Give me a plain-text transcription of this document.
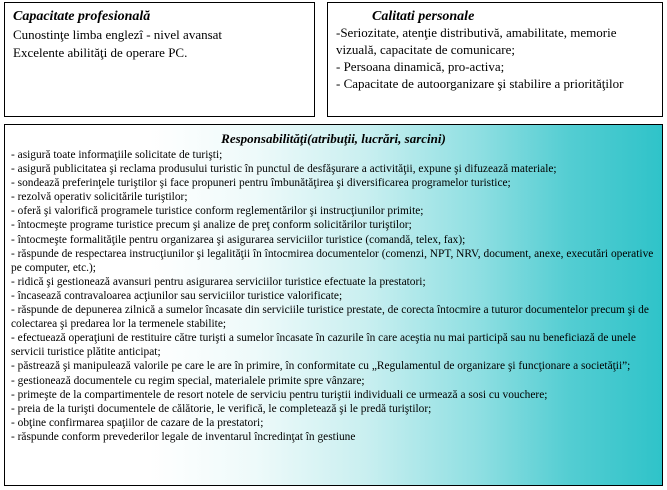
Capacitate profesională
Cunostinţe limba englezî - nivel avansat
Excelente abilităţi de operare PC.
Calitati personale
-Seriozitate, atenţie distributivă, amabilitate, memorie vizuală, capacitate de comunicare;
- Persoana dinamică, pro-activa;
- Capacitate de autoorganizare şi stabilire a priorităţilor
Responsabilităţi(atribuţii, lucrări, sarcini)
- asigură toate informaţiile solicitate de turişti;
- asigură publicitatea şi reclama produsului turistic în punctul de desfăşurare a activităţii, expune şi difuzează materiale;
- sondează preferinţele turiştilor şi face propuneri pentru îmbunătăţirea şi diversificarea programelor turistice;
- rezolvă operativ solicitările turiştilor;
- oferă şi valorifică programele turistice conform reglementărilor şi instrucţiunilor primite;
- întocmeşte programe turistice precum şi analize de preţ conform solicitărilor turiştilor;
- întocmeşte formalităţile pentru organizarea şi asigurarea serviciilor turistice (comandă, telex, fax);
- răspunde de respectarea instrucţiunilor şi legalităţii în întocmirea documentelor (comenzi, NPT, NRV, document, anexe, executări operative pe computer, etc.);
- ridică şi gestionează avansuri pentru asigurarea serviciilor turistice efectuate la prestatori;
- încasează contravaloarea acţiunilor sau serviciilor turistice valorificate;
- răspunde de depunerea zilnică a sumelor încasate din serviciile turistice prestate, de corecta întocmire a tuturor documentelor precum şi de colectarea şi predarea lor la termenele stabilite;
- efectuează operaţiuni de restituire către turişti a sumelor încasate în cazurile în care aceştia nu mai participă sau nu beneficiază de unele servicii turistice plătite anticipat;
- păstrează şi manipulează valorile pe care le are în primire, în conformitate cu „Regulamentul de organizare şi funcţionare a societăţii”;
- gestionează documentele cu regim special, materialele primite spre vânzare;
- primeşte de la compartimentele de resort notele de serviciu pentru turiştii individuali ce urmează a sosi cu vouchere;
- preia de la turişti documentele de călătorie, le verifică, le completează şi le predă turiştilor;
- obţine confirmarea spaţiilor de cazare de la prestatori;
- răspunde conform prevederilor legale de inventarul încredinţat în gestiune
